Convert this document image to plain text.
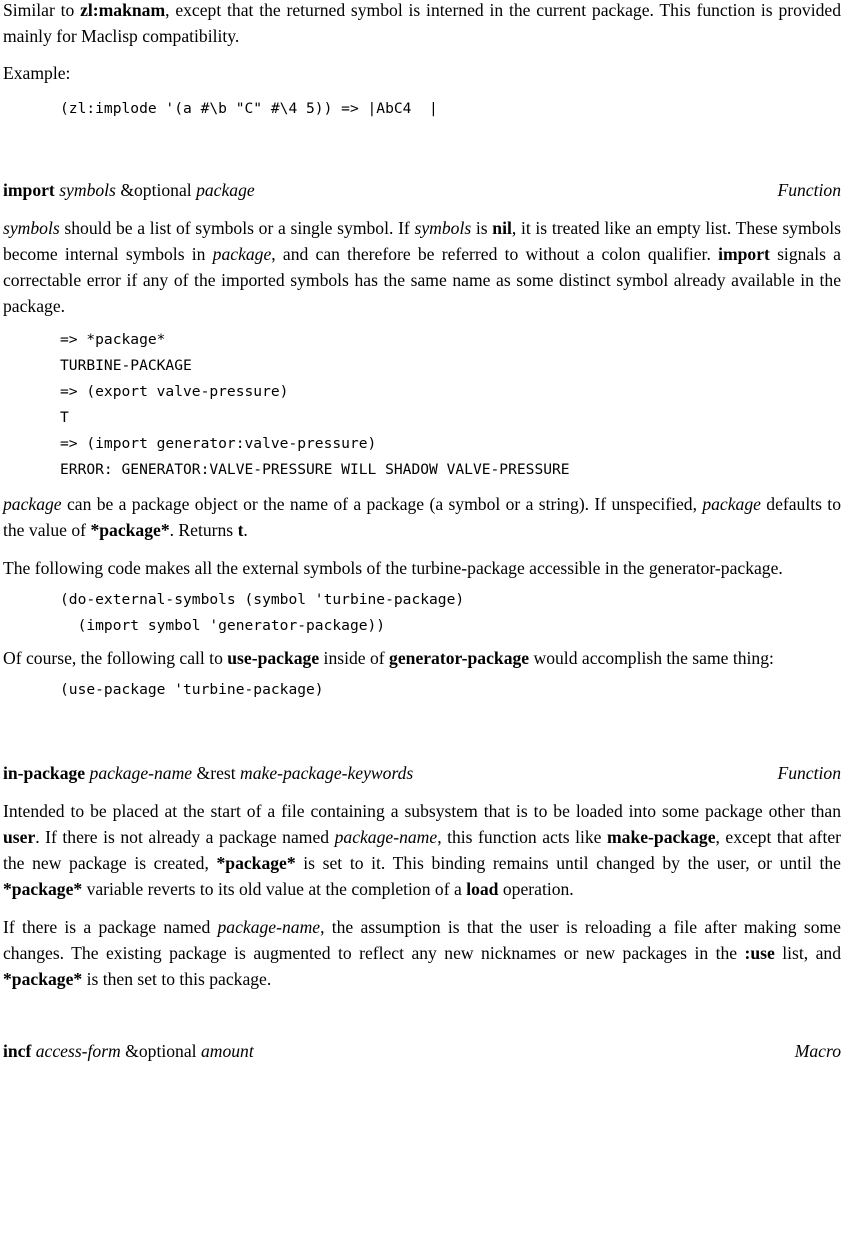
Similar to zl:maknam, except that the returned symbol is interned in the current package. This function is provided mainly for Maclisp compatibility.

Example:

(zl:implode '(a #\b "C" #\4 5)) => |AbC4  |
import symbols &optional package	Function

symbols should be a list of symbols or a single symbol. If symbols is nil, it is treated like an empty list. These symbols become internal symbols in package, and can therefore be referred to without a colon qualifier. import signals a correctable error if any of the imported symbols has the same name as some distinct symbol already available in the package.

=> *package*
TURBINE-PACKAGE
=> (export valve-pressure)
T
=> (import generator:valve-pressure)
ERROR: GENERATOR:VALVE-PRESSURE WILL SHADOW VALVE-PRESSURE

package can be a package object or the name of a package (a symbol or a string). If unspecified, package defaults to the value of *package*. Returns t.

The following code makes all the external symbols of the turbine-package accessible in the generator-package.

(do-external-symbols (symbol 'turbine-package)
(import symbol 'generator-package))

Of course, the following call to use-package inside of generator-package would accomplish the same thing:

(use-package 'turbine-package)
in-package package-name &rest make-package-keywords	Function

Intended to be placed at the start of a file containing a subsystem that is to be loaded into some package other than user. If there is not already a package named package-name, this function acts like make-package, except that after the new package is created, *package* is set to it. This binding remains until changed by the user, or until the *package* variable reverts to its old value at the completion of a load operation.

If there is a package named package-name, the assumption is that the user is reloading a file after making some changes. The existing package is augmented to reflect any new nicknames or new packages in the :use list, and *package* is then set to this package.

incf access-form &optional amount	Macro
